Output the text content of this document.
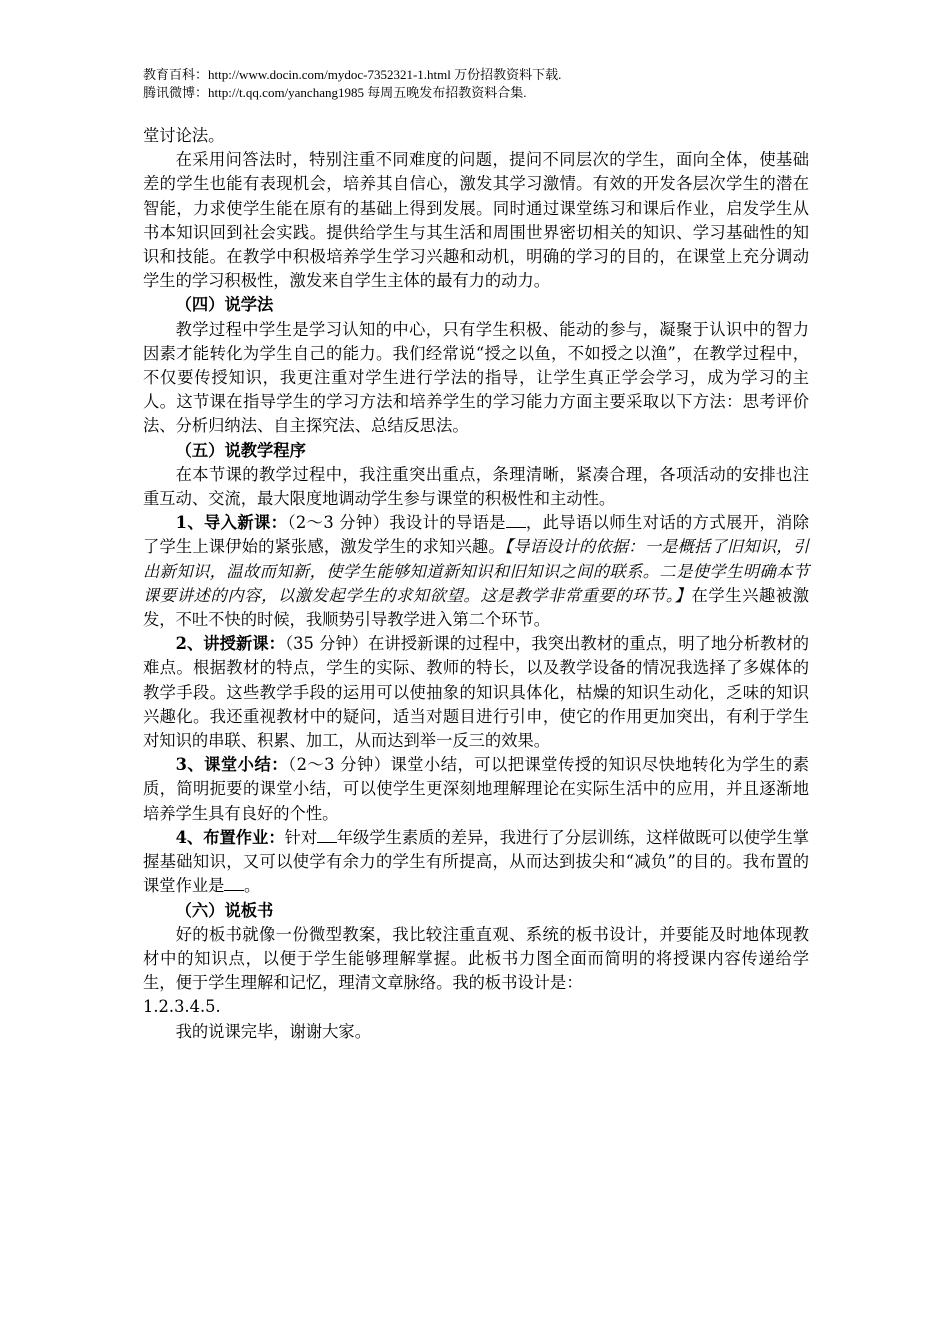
教育百科：http://www.docin.com/mydoc-7352321-1.html 万份招教资料下载.
腾讯微博：http://t.qq.com/yanchang1985 每周五晚发布招教资料合集.

堂讨论法。

在采用问答法时，特别注重不同难度的问题，提问不同层次的学生，面向全体，使基础差的学生也能有表现机会，培养其自信心，激发其学习激情。有效的开发各层次学生的潜在智能，力求使学生能在原有的基础上得到发展。同时通过课堂练习和课后作业，启发学生从书本知识回到社会实践。提供给学生与其生活和周围世界密切相关的知识、学习基础性的知识和技能。在教学中积极培养学生学习兴趣和动机，明确的学习的目的，在课堂上充分调动学生的学习积极性，激发来自学生主体的最有力的动力。

（四）说学法

教学过程中学生是学习认知的中心，只有学生积极、能动的参与，凝聚于认识中的智力因素才能转化为学生自己的能力。我们经常说“授之以鱼，不如授之以渔”，在教学过程中，不仅要传授知识，我更注重对学生进行学法的指导，让学生真正学会学习，成为学习的主人。这节课在指导学生的学习方法和培养学生的学习能力方面主要采取以下方法：思考评价法、分析归纳法、自主探究法、总结反思法。

（五）说教学程序

在本节课的教学过程中，我注重突出重点，条理清晰，紧凑合理，各项活动的安排也注重互动、交流，最大限度地调动学生参与课堂的积极性和主动性。

1、导入新课：（2～3 分钟）我设计的导语是 ，此导语以师生对话的方式展开，消除了学生上课伊始的紧张感，激发学生的求知兴趣。【导语设计的依据：一是概括了旧知识，引出新知识，温故而知新，使学生能够知道新知识和旧知识之间的联系。二是使学生明确本节课要讲述的内容，以激发起学生的求知欲望。这是教学非常重要的环节。】在学生兴趣被激发，不吐不快的时候，我顺势引导教学进入第二个环节。

2、讲授新课：（35 分钟）在讲授新课的过程中，我突出教材的重点，明了地分析教材的难点。根据教材的特点，学生的实际、教师的特长，以及教学设备的情况我选择了多媒体的教学手段。这些教学手段的运用可以使抽象的知识具体化，枯燥的知识生动化，乏味的知识兴趣化。我还重视教材中的疑问，适当对题目进行引申，使它的作用更加突出，有利于学生对知识的串联、积累、加工，从而达到举一反三的效果。

3、课堂小结：（2～3 分钟）课堂小结，可以把课堂传授的知识尽快地转化为学生的素质，简明扼要的课堂小结，可以使学生更深刻地理解理论在实际生活中的应用，并且逐渐地培养学生具有良好的个性。

4、布置作业：针对 年级学生素质的差异，我进行了分层训练，这样做既可以使学生掌握基础知识，又可以使学有余力的学生有所提高，从而达到拔尖和“减负”的目的。我布置的课堂作业是 。

（六）说板书

好的板书就像一份微型教案，我比较注重直观、系统的板书设计，并要能及时地体现教材中的知识点，以便于学生能够理解掌握。此板书力图全面而简明的将授课内容传递给学生，便于学生理解和记忆，理清文章脉络。我的板书设计是：

1.2.3.4.5.

我的说课完毕，谢谢大家。
